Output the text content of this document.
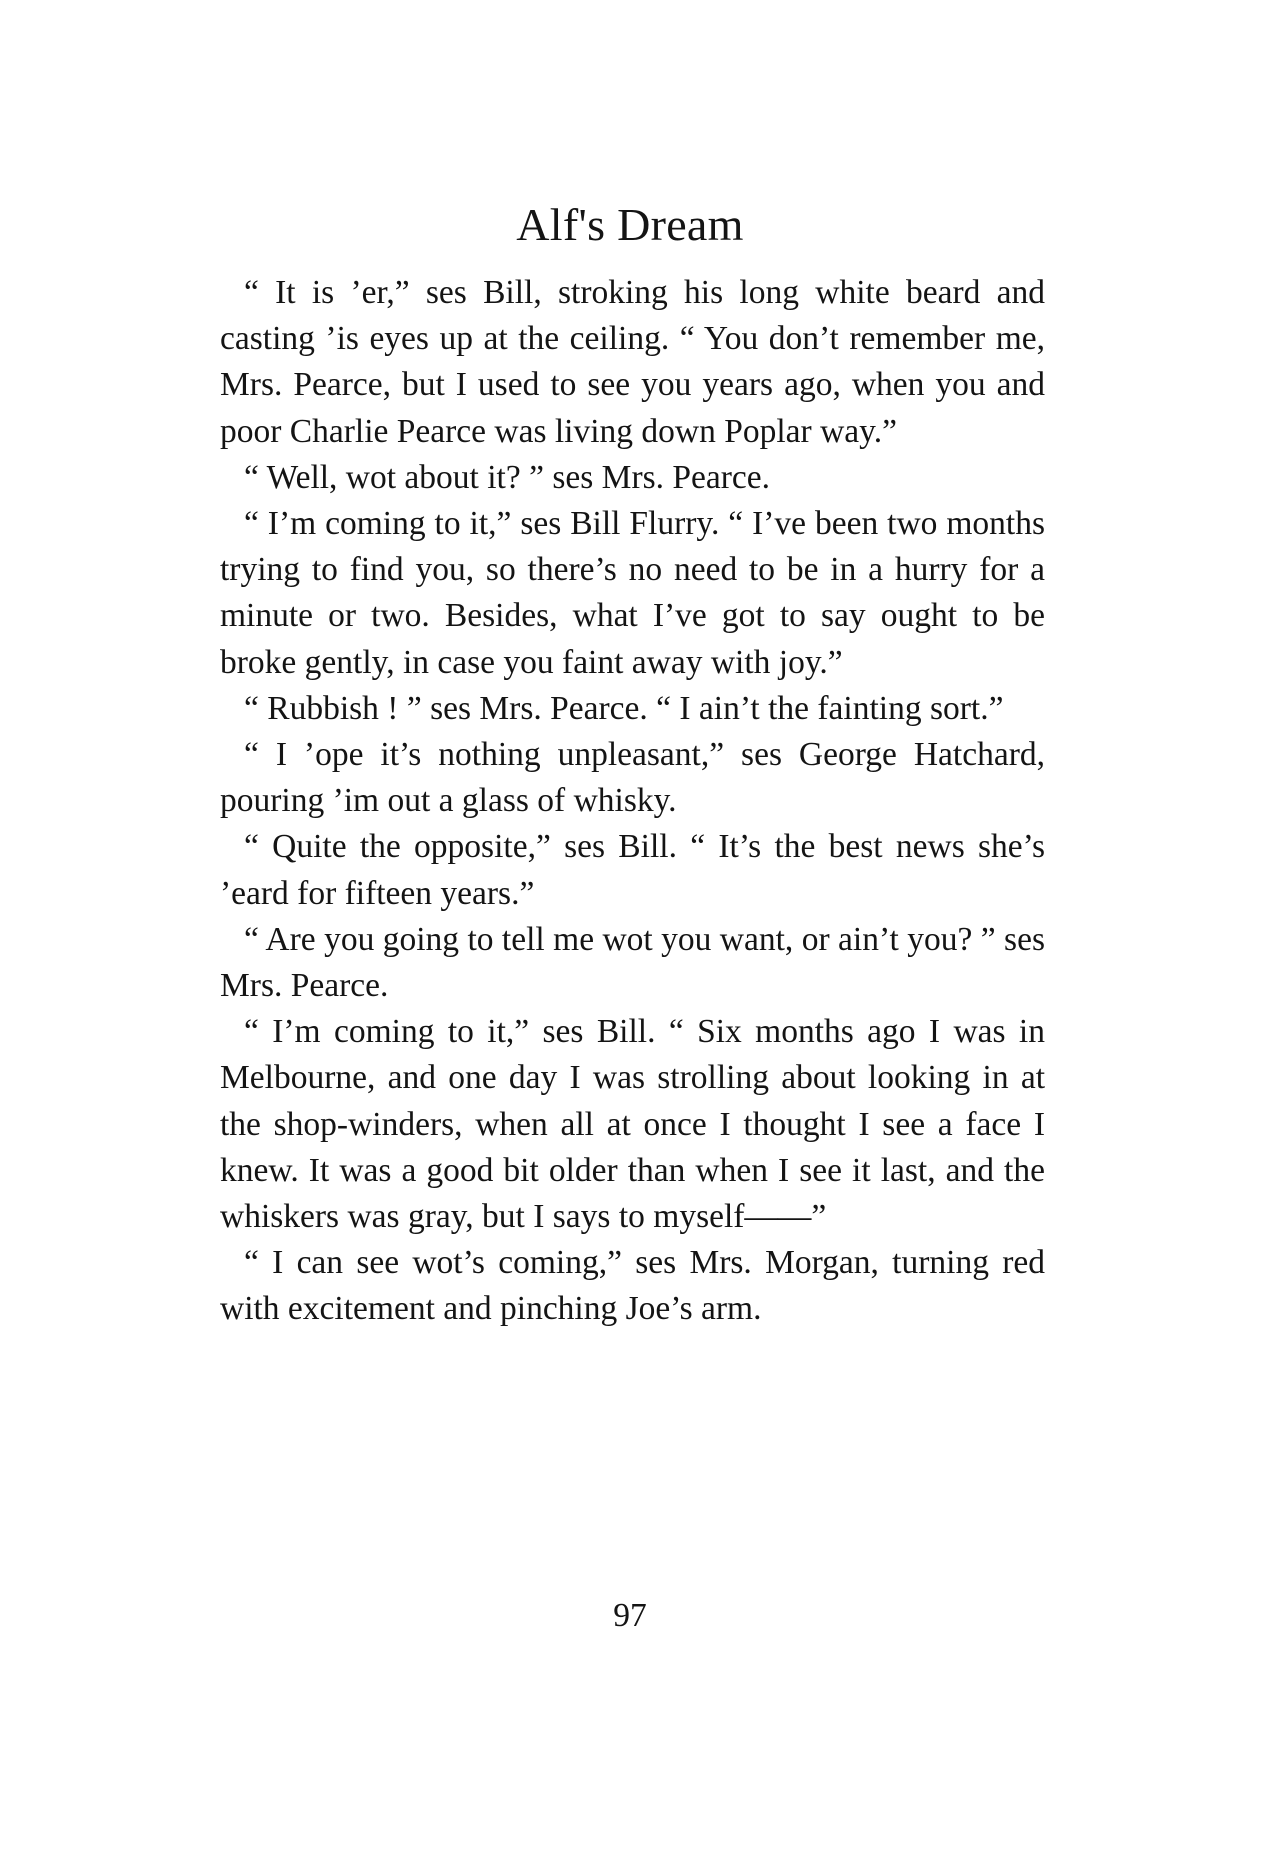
Alf's Dream

“ It is ’er,” ses Bill, stroking his long white beard and casting ’is eyes up at the ceiling. “ You don’t remember me, Mrs. Pearce, but I used to see you years ago, when you and poor Charlie Pearce was living down Poplar way.”

“ Well, wot about it? ” ses Mrs. Pearce.

“ I’m coming to it,” ses Bill Flurry. “ I’ve been two months trying to find you, so there’s no need to be in a hurry for a minute or two. Besides, what I’ve got to say ought to be broke gently, in case you faint away with joy.”

“ Rubbish ! ” ses Mrs. Pearce. “ I ain’t the fainting sort.”

“ I ’ope it’s nothing unpleasant,” ses George Hatchard, pouring ’im out a glass of whisky.

“ Quite the opposite,” ses Bill. “ It’s the best news she’s ’eard for fifteen years.”

“ Are you going to tell me wot you want, or ain’t you? ” ses Mrs. Pearce.

“ I’m coming to it,” ses Bill. “ Six months ago I was in Melbourne, and one day I was strolling about looking in at the shop-winders, when all at once I thought I see a face I knew. It was a good bit older than when I see it last, and the whiskers was gray, but I says to myself——”

“ I can see wot’s coming,” ses Mrs. Morgan, turning red with excitement and pinching Joe’s arm.

97
